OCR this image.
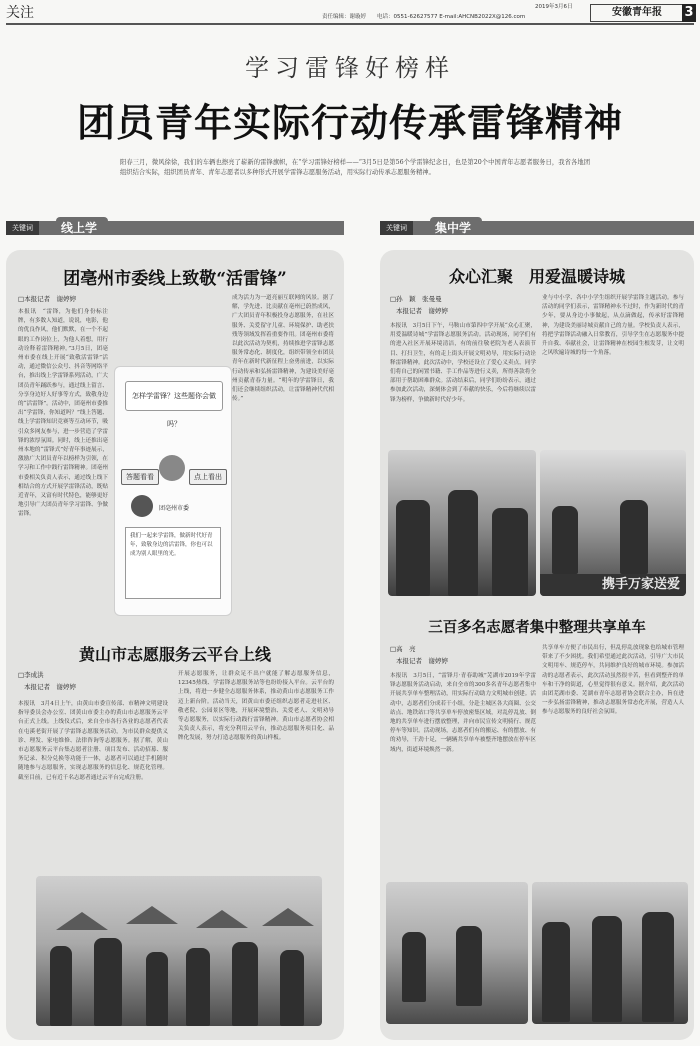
关注	2019年3月6日
责任编辑：谢璇婷　　电话：0551-62627577 E-mail:AHCNB2022X@126.com	安徽青年报	3
学习雷锋好榜样
团员青年实际行动传承雷锋精神
阳春三月，微风徐徐，我们的车辆也擦亮了崭新的雷锋旗帜，在“学习雷锋好榜样——“3月5日是第56个学雷锋纪念日，也是第20个中国青年志愿者服务日，我省各地团组织结合实际，组织团员青年、青年志愿者以多种形式开展学雷锋志愿服务活动，用实际行动传承志愿服务精神。
关键词	线上学	关键词	集中学
团亳州市委线上致敬“活雷锋”
□本报记者　谢婷婷
本报讯　“雷锋，为他们身份标注牌，有多数人知道，说说，电影，他的优良作风，他们默默，在一个不起眼的工作岗位上，为他人着想，用行动诠释着雷锋精神。”3月5日，团亳州市委在线上开展“致敬活雷锋”活动，通过微信公众号、抖音等网络平台，推出线上学雷锋系列活动，广大团员青年踊跃参与，通过线上留言、分享身边好人好事等方式，致敬身边的“活雷锋”。活动中，团亳州市委推出“学雷锋，你知道吗？”线上答题、线上学雷锋知识竞赛等互动环节，吸引众多网友参与，进一步营造了学雷锋的浓厚氛围。同时，线上还推出亳州本地的“雷锋式”好青年事迹展示，激励广大团员青年以榜样为引领，在学习和工作中践行雷锋精神。团亳州市委相关负责人表示，通过线上线下相结合的方式开展学雷锋活动，既贴近青年，又富有时代特色，能够更好地引导广大团员青年学习雷锋、争做雷锋。
成为活力为一道亮丽互联网的风景。据了解，学先进、比贡献在亳州已蔚然成风，广大团员青年积极投身志愿服务，在社区服务、关爱留守儿童、环境保护、助老扶残等领域发挥着重要作用。团亳州市委将以此次活动为契机，持续推进学雷锋志愿服务常态化、制度化，组织带领全市团员青年在新时代新征程上奋勇前进，以实际行动传承和弘扬雷锋精神，为建设美好亳州贡献青春力量。“明年的学雷锋日，我们还会继续组织活动，让雷锋精神代代相传。”
黄山市志愿服务云平台上线
□李成洪
本报记者　谢婷婷
本报讯　3月4日上午，由黄山市委宣传部、市精神文明建设指导委员会办公室、团黄山市委主办的黄山市志愿服务云平台正式上线。上线仪式后，来自全市各行各业的志愿者代表在屯溪老街开展了学雷锋志愿服务活动，为市民群众提供义诊、理发、家电维修、法律咨询等志愿服务。据了解，黄山市志愿服务云平台集志愿者注册、项目发布、活动招募、服务记录、积分兑换等功能于一体，志愿者可以通过手机随时随地参与志愿服务，实现志愿服务的信息化、规范化管理。截至目前，已有近千名志愿者通过云平台完成注册。
开展志愿服务，让群众足不出户就能了解志愿服务信息，12345热线、学雷锋志愿服务站等也纷纷接入平台。云平台的上线，将进一步健全志愿服务体系，推动黄山市志愿服务工作迈上新台阶。活动当天，团黄山市委还组织志愿者走进社区、敬老院、公园景区等地，开展环境整治、关爱老人、文明劝导等志愿服务，以实际行动践行雷锋精神。黄山市志愿者协会相关负责人表示，将充分利用云平台，推动志愿服务项目化、品牌化发展，努力打造志愿服务的黄山样板。
怎样学雷锋？这些题你会做吗？
答题看看	点上看出
团亳州市委
我们一起来学雷锋，做新时代好青年，致敬身边的活雷锋，你也可以成为别人眼里的光。
众心汇聚　用爱温暖诗城
□孙　颖　张曼曼
本报记者　谢婷婷
本报讯　3月5日下午，马鞍山市第四中学开展“众心汇聚，用爱温暖诗城”学雷锋志愿服务活动。活动现场，同学们有的进入社区开展环境清洁，有的前往敬老院为老人表演节目、打扫卫生，有的走上街头开展文明劝导，用实际行动诠释雷锋精神。此次活动中，学校还设立了爱心义卖点，同学们将自己的闲置书籍、手工作品等进行义卖，所得善款将全部用于帮助困难群众。活动结束后，同学们纷纷表示，通过参加此次活动，深刻体会到了奉献的快乐，今后将继续以雷锋为榜样，争做新时代好少年。
业与中小学、各中小学生组织开展学雷锋主题活动。参与活动的同学们表示，雷锋精神永不过时，作为新时代的青少年，要从身边小事做起，从点滴做起，传承好雷锋精神，为建设美丽诗城贡献自己的力量。学校负责人表示，将把学雷锋活动融入日常教育，引导学生在志愿服务中提升自我、奉献社会，让雷锋精神在校园生根发芽，让文明之风吹遍诗城的每一个角落。
携手万家送爱
三百多名志愿者集中整理共享单车
□高　亮
本报记者　谢婷婷
本报讯　3月5日，“雷锋月·青春助城”芜湖市2019年学雷锋志愿服务活动启动，来自全市的300多名青年志愿者集中开展共享单车整理活动，用实际行动助力文明城市创建。活动中，志愿者们分成若干小组，分赴主城区各大商圈、公交站点、地铁站口等共享单车停放密集区域，对乱停乱放、倒地的共享单车进行摆放整理，并向市民宣传文明骑行、规范停车等知识。活动现场，志愿者们有的搬运、有的摆放、有的劝导，干劲十足，一辆辆共享单车被整齐地摆放在停车区域内，街道环境焕然一新。
共享单车方便了市民出行，但乱停乱放现象也给城市管理带来了不少困扰。我们希望通过此次活动，引导广大市民文明用车、规范停车，共同维护良好的城市环境。参加活动的志愿者表示，此次活动虽然很辛苦，但看到整齐的单车和干净的街道，心里觉得很有意义。据介绍，此次活动由团芜湖市委、芜湖市青年志愿者协会联合主办，旨在进一步弘扬雷锋精神，推动志愿服务常态化开展，营造人人参与志愿服务的良好社会氛围。
